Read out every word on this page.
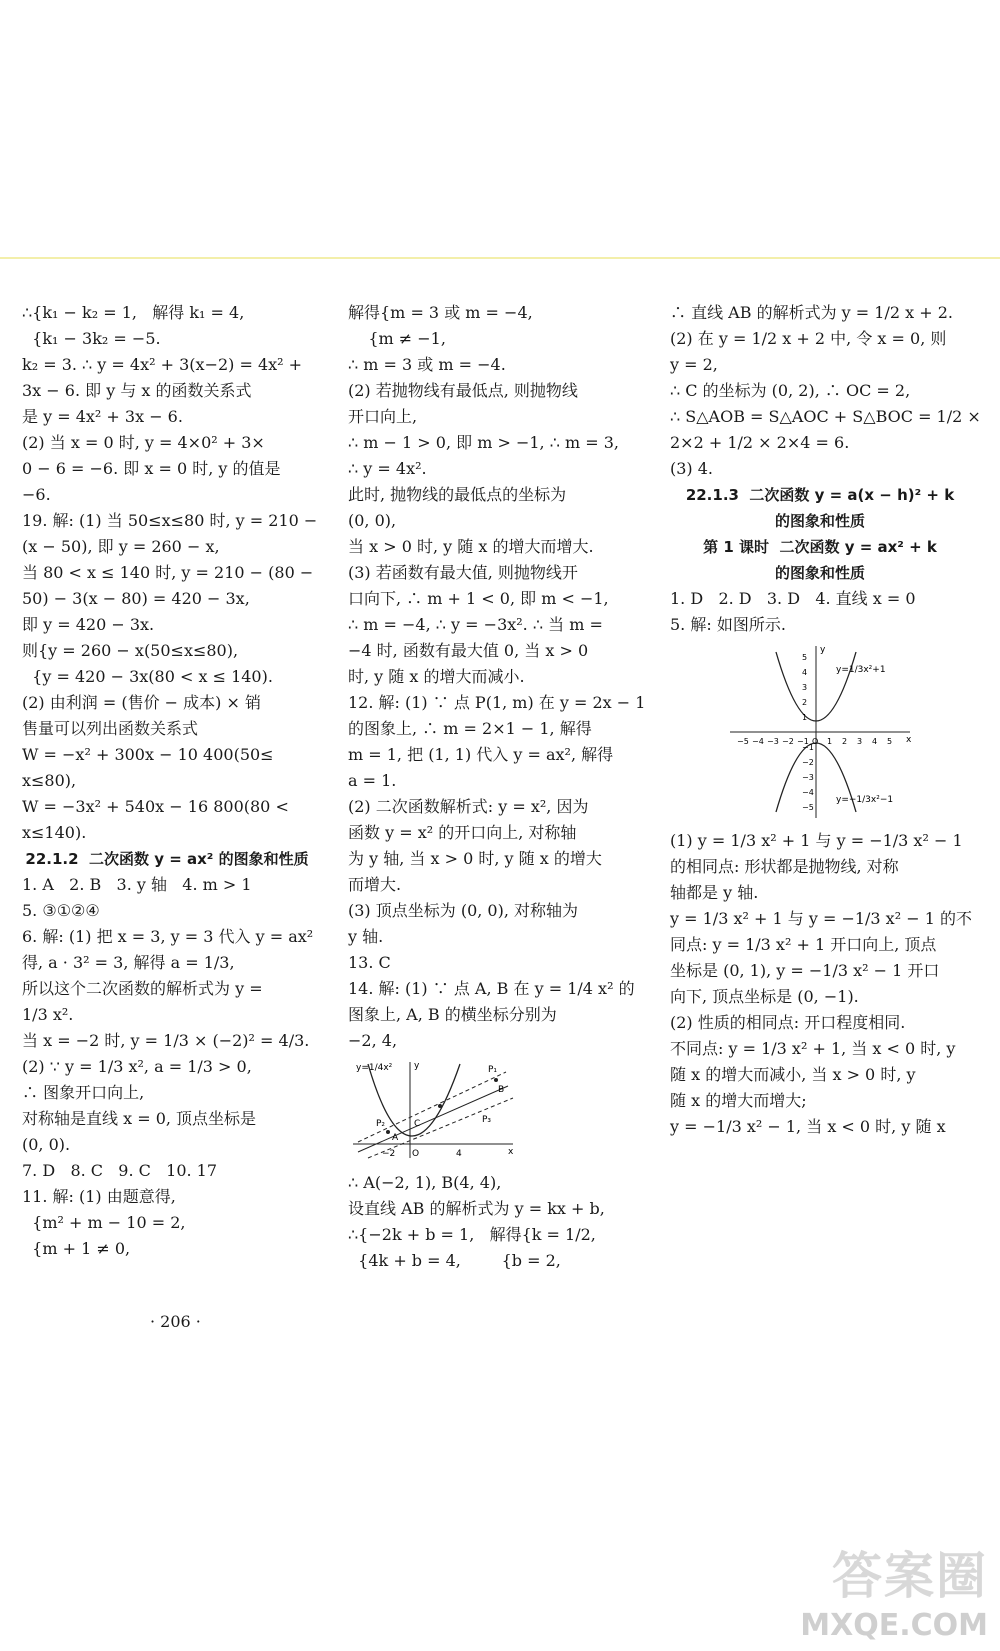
∴{k₁ − k₂ = 1,   解得 k₁ = 4,
{k₁ − 3k₂ = −5.
k₂ = 3. ∴ y = 4x² + 3(x−2) = 4x² +
3x − 6. 即 y 与 x 的函数关系式
是 y = 4x² + 3x − 6.
(2) 当 x = 0 时, y = 4×0² + 3×
0 − 6 = −6. 即 x = 0 时, y 的值是
−6.
19. 解: (1) 当 50≤x≤80 时, y = 210 −
(x − 50), 即 y = 260 − x,
当 80 < x ≤ 140 时, y = 210 − (80 −
50) − 3(x − 80) = 420 − 3x,
即 y = 420 − 3x.
则{y = 260 − x(50≤x≤80),
{y = 420 − 3x(80 < x ≤ 140).
(2) 由利润 = (售价 − 成本) × 销
售量可以列出函数关系式
W = −x² + 300x − 10 400(50≤
x≤80),
W = −3x² + 540x − 16 800(80 <
x≤140).
22.1.2  二次函数 y = ax² 的图象和性质
1. A   2. B   3. y 轴   4. m > 1
5. ③①②④
6. 解: (1) 把 x = 3, y = 3 代入 y = ax²
得, a · 3² = 3, 解得 a = 1/3,
所以这个二次函数的解析式为 y =
1/3 x².
当 x = −2 时, y = 1/3 × (−2)² = 4/3.
(2) ∵ y = 1/3 x², a = 1/3 > 0,
∴ 图象开口向上,
对称轴是直线 x = 0, 顶点坐标是
(0, 0).
7. D   8. C   9. C   10. 17
11. 解: (1) 由题意得,
{m² + m − 10 = 2,
{m + 1 ≠ 0,
解得{m = 3 或 m = −4,
{m ≠ −1,
∴ m = 3 或 m = −4.
(2) 若抛物线有最低点, 则抛物线
开口向上,
∴ m − 1 > 0, 即 m > −1, ∴ m = 3,
∴ y = 4x².
此时, 抛物线的最低点的坐标为
(0, 0),
当 x > 0 时, y 随 x 的增大而增大.
(3) 若函数有最大值, 则抛物线开
口向下, ∴ m + 1 < 0, 即 m < −1,
∴ m = −4, ∴ y = −3x². ∴ 当 m =
−4 时, 函数有最大值 0, 当 x > 0
时, y 随 x 的增大而减小.
12. 解: (1) ∵ 点 P(1, m) 在 y = 2x − 1
的图象上, ∴ m = 2×1 − 1, 解得
m = 1, 把 (1, 1) 代入 y = ax², 解得
a = 1.
(2) 二次函数解析式: y = x², 因为
函数 y = x² 的开口向上, 对称轴
为 y 轴, 当 x > 0 时, y 随 x 的增大
而增大.
(3) 顶点坐标为 (0, 0), 对称轴为
y 轴.
13. C
14. 解: (1) ∵ 点 A, B 在 y = 1/4 x² 的
图象上, A, B 的横坐标分别为
−2, 4,
y=1/4x²	P₁
P₂	P₃
A
B
C
O
−2	4	x
y
∴ A(−2, 1), B(4, 4),
设直线 AB 的解析式为 y = kx + b,
∴{−2k + b = 1,   解得{k = 1/2,
{4k + b = 4,        {b = 2,
∴ 直线 AB 的解析式为 y = 1/2 x + 2.
(2) 在 y = 1/2 x + 2 中, 令 x = 0, 则
y = 2,
∴ C 的坐标为 (0, 2), ∴ OC = 2,
∴ S△AOB = S△AOC + S△BOC = 1/2 ×
2×2 + 1/2 × 2×4 = 6.
(3) 4.
22.1.3  二次函数 y = a(x − h)² + k
的图象和性质
第 1 课时  二次函数 y = ax² + k
的图象和性质
1. D   2. D   3. D   4. 直线 x = 0
5. 解: 如图所示.
−5 −4 −3 −2 −1 O 1 2 3 4 5
5
4
3
2
1
−1
−2
−3
−4
−5
y=1/3x²+1
y=−1/3x²−1
x
y
(1) y = 1/3 x² + 1 与 y = −1/3 x² − 1
的相同点: 形状都是抛物线, 对称
轴都是 y 轴.
y = 1/3 x² + 1 与 y = −1/3 x² − 1 的不
同点: y = 1/3 x² + 1 开口向上, 顶点
坐标是 (0, 1), y = −1/3 x² − 1 开口
向下, 顶点坐标是 (0, −1).
(2) 性质的相同点: 开口程度相同.
不同点: y = 1/3 x² + 1, 当 x < 0 时, y
随 x 的增大而减小, 当 x > 0 时, y
随 x 的增大而增大;
y = −1/3 x² − 1, 当 x < 0 时, y 随 x
· 206 ·
答案圈
MXQE.COM
